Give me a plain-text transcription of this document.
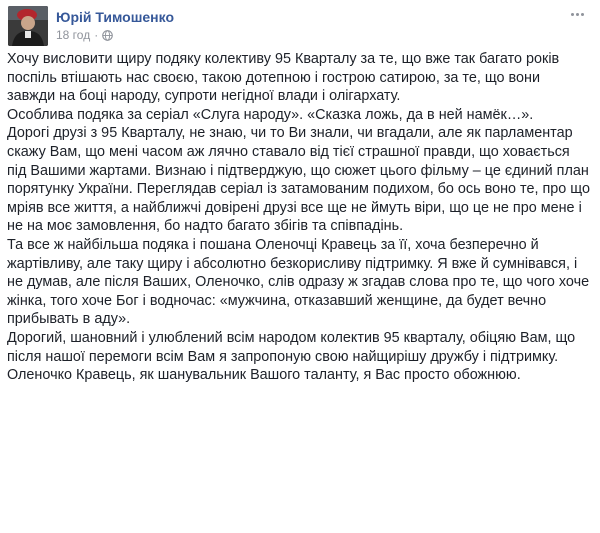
Юрій Тимошенко
18 год ·

Хочу висловити щиру подяку колективу 95 Кварталу за те, що вже так багато років поспіль втішають нас своєю, такою дотепною і гострою сатирою, за те, що вони завжди на боці народу, супроти негідної влади і олігархату.

Особлива подяка за серіал «Слуга народу». «Сказка ложь, да в ней намёк…».

Дорогі друзі з 95 Кварталу, не знаю, чи то Ви знали, чи вгадали, але як парламентар скажу Вам, що мені часом аж лячно ставало від тієї страшної правди, що ховається під Вашими жартами. Визнаю і підтверджую, що сюжет цього фільму – це єдиний план порятунку України. Переглядав серіал із затамованим подихом, бо ось воно те, про що мріяв все життя, а найближчі довірені друзі все ще не ймуть віри, що це не про мене і не на моє замовлення, бо надто багато збігів та співпадінь.

Та все ж найбільша подяка і пошана Оленочці Кравець за її, хоча безперечно й жартівливу, але таку щиру і абсолютно безкорисливу підтримку. Я вже й сумнівався, і не думав, але після Ваших, Оленочко, слів одразу ж згадав слова про те, що чого хоче жінка, того хоче Бог і водночас: «мужчина, отказавший женщине, да будет вечно прибывать в аду».

Дорогий, шановний і улюблений всім народом колектив 95 кварталу, обіцяю Вам, що після нашої перемоги всім Вам я запропоную свою найщирішу дружбу і підтримку. Оленочко Кравець, як шанувальник Вашого таланту, я Вас просто обожнюю.
